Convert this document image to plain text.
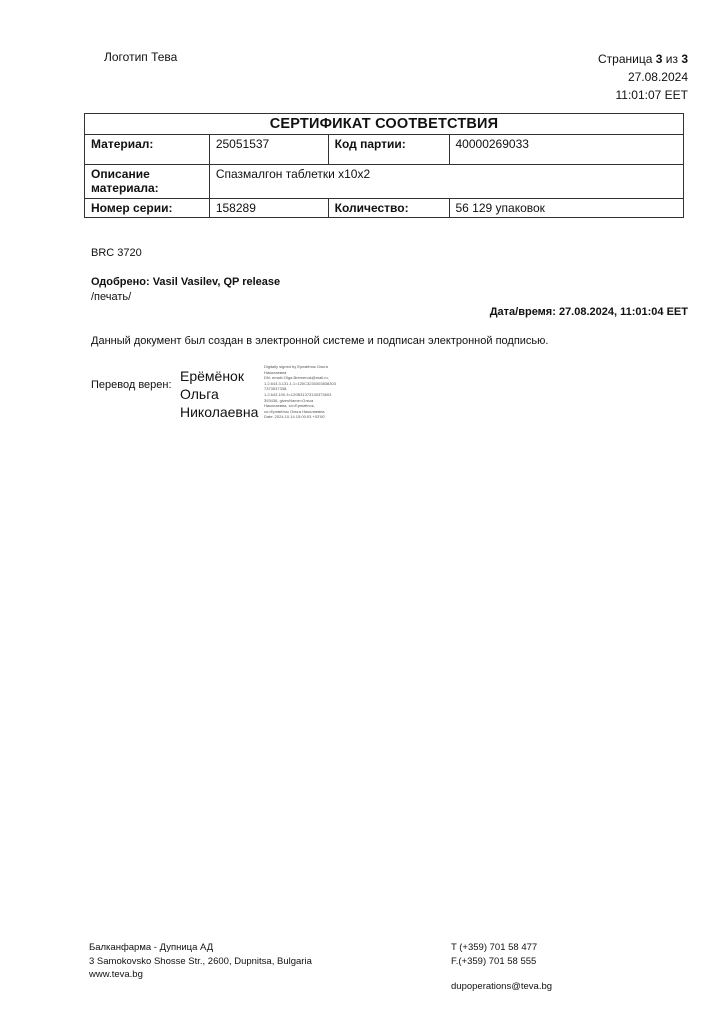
Логотип Тева	Страница 3 из 3
27.08.2024
11:01:07 EET
СЕРТИФИКАТ СООТВЕТСТВИЯ			
Материал:	25051537	Код партии:	40000269033

Описание
материала:	Спазмалгон таблетки x10x2		
Номер серии:	158289	Количество:	56 129 упаковок
BRC 3720
Одобрено: Vasil Vasilev, QP release
/печать/
Дата/время: 27.08.2024, 11:01:04 EET
Данный документ был создан в электронной системе и подписан электронной подписью.
Перевод верен:
Ерёмёнок
Ольга
Николаевна
Digitally signed by Еремёнок Ольга
Николаевна
DN: email=Olga.Bremenok@mail.ru,
1.2.643.3.131.1.1=120C3230303838303
7373537338,
1.2.643.100.3=120B31373130373603
393436, givenName=Ольга
Николаевна, sn=Еремёнок,
cn=Еремёнок Ольга Николаевна
Date: 2024.10.14 15:00:03 +03'00'
Балканфарма - Дупница АД
3 Samokovsko Shosse Str., 2600, Dupnitsa, Bulgaria
www.teva.bg
T (+359) 701 58 477
F.(+359) 701 58 555
dupoperations@teva.bg
